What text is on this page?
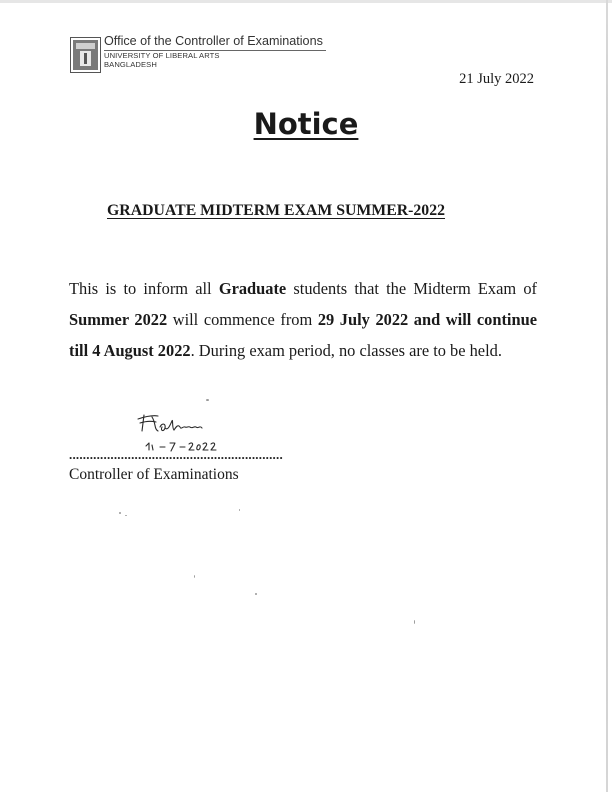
Office of the Controller of Examinations
UNIVERSITY OF LIBERAL ARTS
BANGLADESH
21 July 2022
Notice
GRADUATE MIDTERM EXAM SUMMER-2022
This is to inform all Graduate students that the Midterm Exam of Summer 2022 will commence from 29 July 2022 and will continue till 4 August 2022. During exam period, no classes are to be held.
..............................................................
Controller of Examinations
